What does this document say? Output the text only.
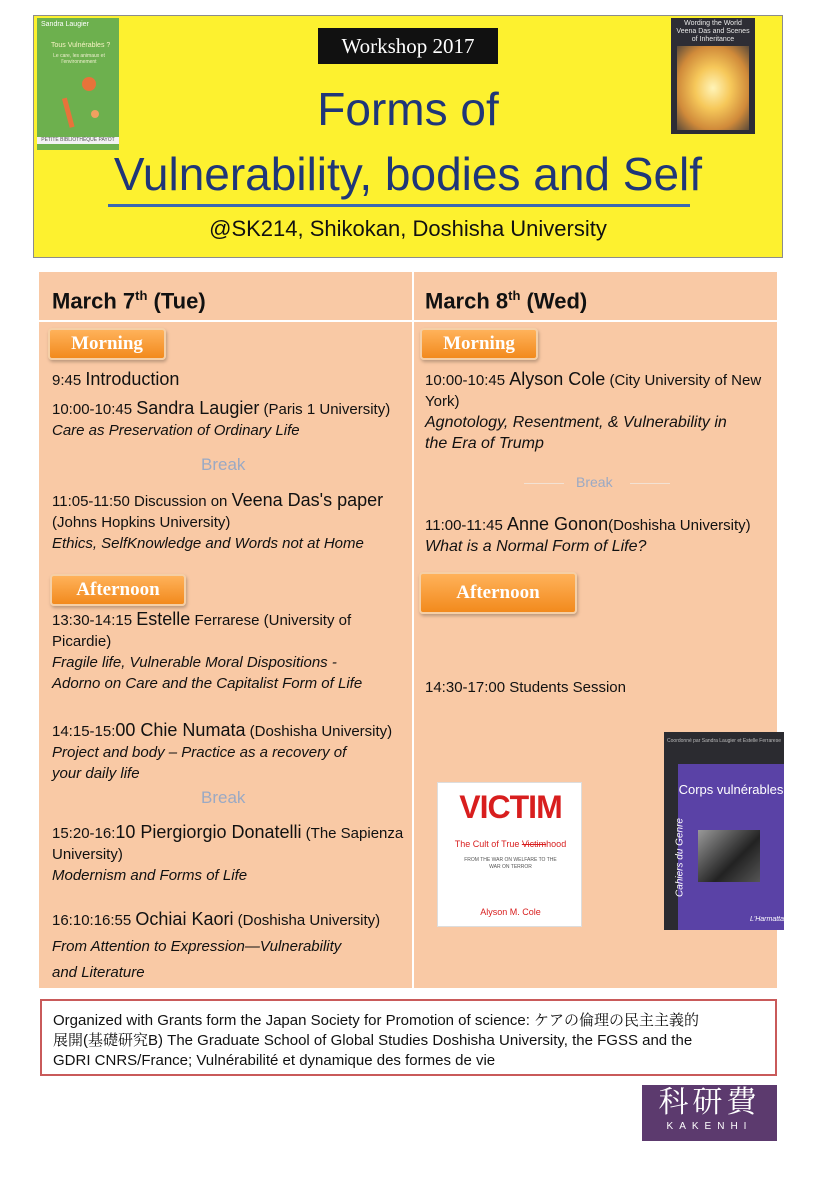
Sandra Laugier
Tous Vulnérables ?
Le care, les animaux et l'environnement
PETITE BIBLIOTHÈQUE PAYOT
Wording the World Veena Das and Scenes of Inheritance
Workshop 2017
Forms of
Vulnerability, bodies and Self
@SK214, Shikokan, Doshisha University
March 7th (Tue)	March 8th (Wed)
Morning
9:45 Introduction
10:00-10:45 Sandra Laugier (Paris 1 University)
Care as Preservation of Ordinary Life
Break
11:05-11:50 Discussion on Veena Das's paper
(Johns Hopkins University)
Ethics, SelfKnowledge and Words not at Home
Afternoon
13:30-14:15 Estelle Ferrarese (University of
Picardie)
Fragile life, Vulnerable Moral Dispositions -
Adorno on Care and the Capitalist Form of Life
14:15-15:00 Chie Numata (Doshisha University)
Project and body – Practice as a recovery of
your daily life
Break
15:20-16:10 Piergiorgio Donatelli (The Sapienza
University)
Modernism and Forms of Life
16:10:16:55 Ochiai Kaori (Doshisha University)
From Attention to Expression—Vulnerability
and Literature
Morning
10:00-10:45 Alyson Cole (City University of New
York)
Agnotology, Resentment, & Vulnerability in
the Era of Trump
Break
11:00-11:45 Anne Gonon(Doshisha University)
What is a Normal Form of Life?
Afternoon
14:30-17:00 Students Session
VICTIM
The Cult of True Victimhood
FROM THE WAR ON WELFARE TO THE WAR ON TERROR
Alyson M. Cole
Coordonné par Sandra Laugier et Estelle Ferrarese
Corps vulnérables
Cahiers du Genre
L'Harmattan
Organized with Grants form the Japan Society for Promotion of science: ケアの倫理の民主主義的
展開(基礎研究B) The Graduate School of Global Studies Doshisha University, the FGSS and the
GDRI CNRS/France; Vulnérabilité et dynamique des formes de vie
科研費
KAKENHI
